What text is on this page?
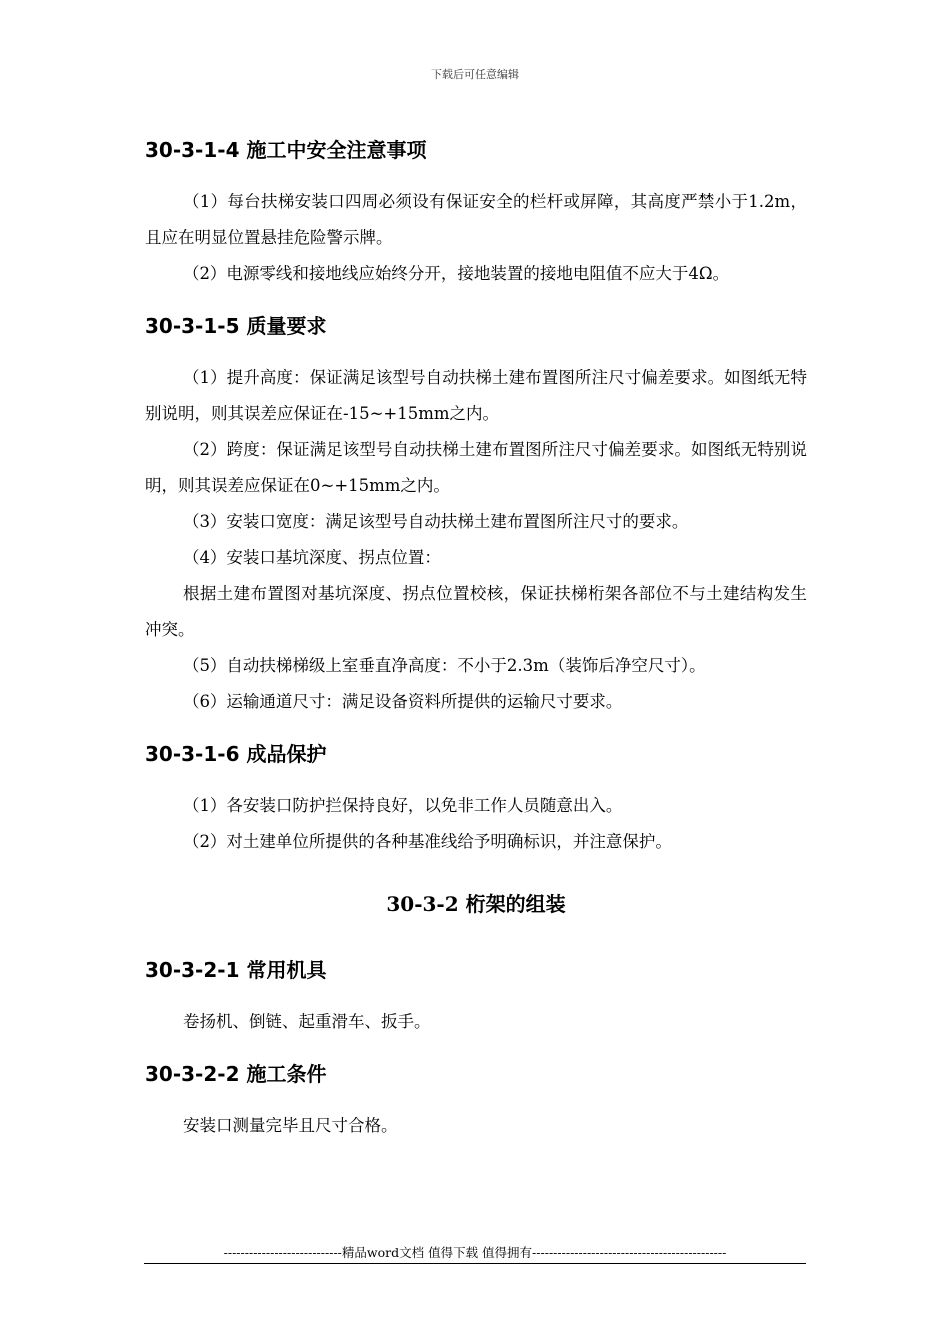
下载后可任意编辑
30-3-1-4 施工中安全注意事项

（1）每台扶梯安装口四周必须设有保证安全的栏杆或屏障，其高度严禁小于1.2m，且应在明显位置悬挂危险警示牌。

（2）电源零线和接地线应始终分开，接地装置的接地电阻值不应大于4Ω。

30-3-1-5 质量要求

（1）提升高度：保证满足该型号自动扶梯土建布置图所注尺寸偏差要求。如图纸无特别说明，则其误差应保证在-15~+15mm之内。

（2）跨度：保证满足该型号自动扶梯土建布置图所注尺寸偏差要求。如图纸无特别说明，则其误差应保证在0~+15mm之内。

（3）安装口宽度：满足该型号自动扶梯土建布置图所注尺寸的要求。

（4）安装口基坑深度、拐点位置：

根据土建布置图对基坑深度、拐点位置校核，保证扶梯桁架各部位不与土建结构发生冲突。

（5）自动扶梯梯级上室垂直净高度：不小于2.3m（装饰后净空尺寸）。

（6）运输通道尺寸：满足设备资料所提供的运输尺寸要求。

30-3-1-6 成品保护

（1）各安装口防护拦保持良好，以免非工作人员随意出入。

（2）对土建单位所提供的各种基准线给予明确标识，并注意保护。

30-3-2 桁架的组装
30-3-2-1 常用机具

卷扬机、倒链、起重滑车、扳手。

30-3-2-2 施工条件

安装口测量完毕且尺寸合格。

----------------------------精品word文档 值得下载 值得拥有----------------------------------------------
